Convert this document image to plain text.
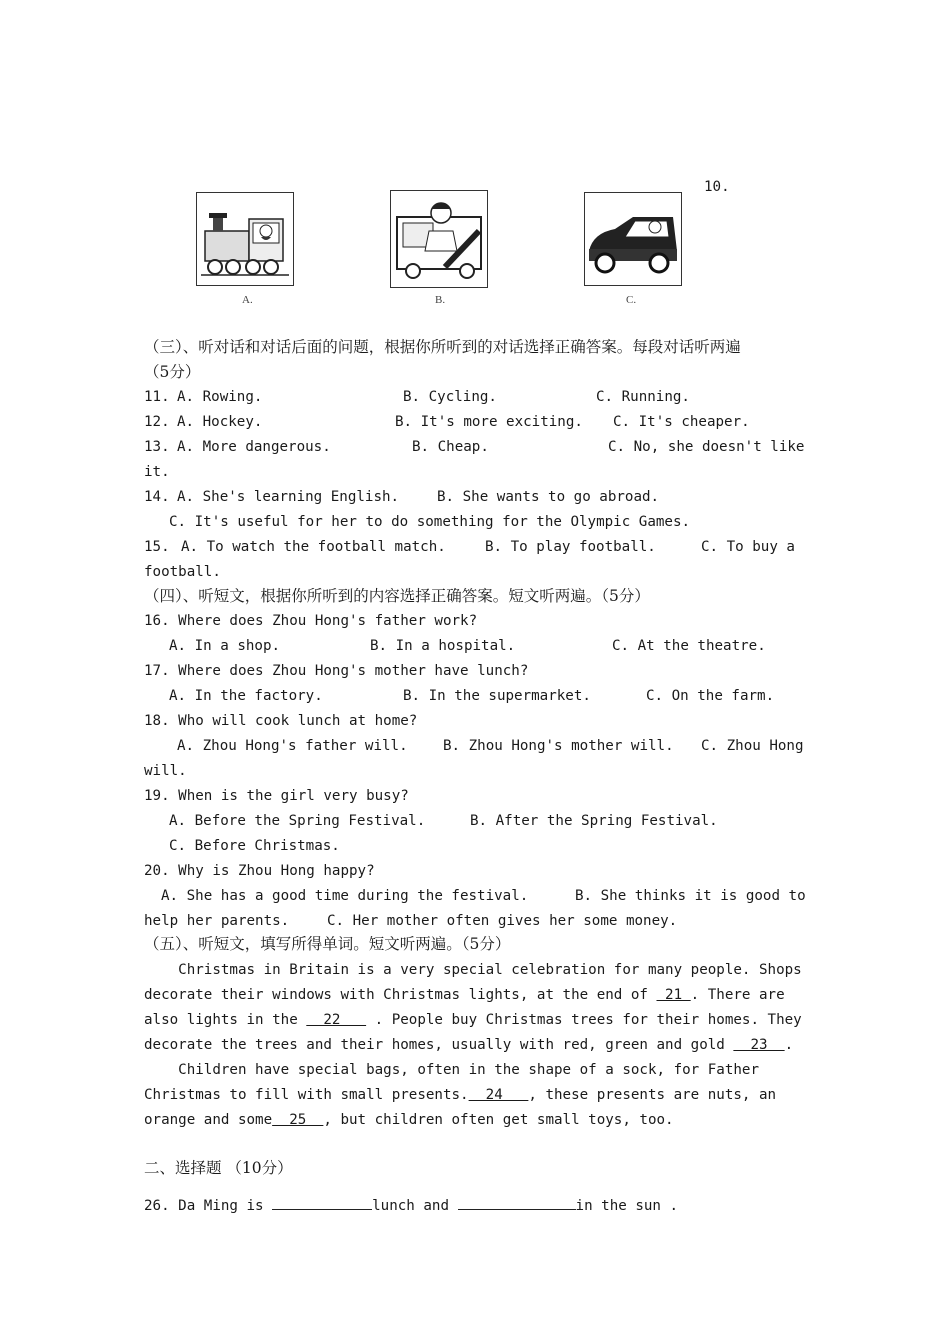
10.
A.	B.	C.
（三）、听对话和对话后面的问题，根据你所听到的对话选择正确答案。每段对话听两遍
（5分）
11. A. Rowing.	B. Cycling.	C. Running.
12. A. Hockey.	B. It's more exciting. C. It's cheaper.
13. A. More dangerous.	B. Cheap.	C. No, she doesn't like
it.
14. A. She's learning English.	B. She wants to go abroad.
C. It's useful for her to do something for the Olympic Games.
15. A. To watch the football match.	B. To play football.	C. To buy a
football.
（四）、听短文，根据你所听到的内容选择正确答案。短文听两遍。（5分）
16. Where does Zhou Hong's father work?
A. In a shop.	B. In a hospital.	C. At the theatre.
17. Where does Zhou Hong's mother have lunch?
A. In the factory.	B. In the supermarket.	C. On the farm.
18. Who will cook lunch at home?
A. Zhou Hong's father will. B. Zhou Hong's mother will. C. Zhou Hong
will.
19. When is the girl very busy?
A. Before the Spring Festival.	B. After the Spring Festival.
C. Before Christmas.
20. Why is Zhou Hong happy?
A. She has a good time during the festival.	B. She thinks it is good to
help her parents.	C. Her mother often gives her some money.
（五）、听短文，填写所得单词。短文听两遍。（5分）
Christmas in Britain is a very special celebration for many people. Shops
decorate their windows with Christmas lights, at the end of  21 . There are
also lights in the   22    . People buy Christmas trees for their homes. They
decorate the trees and their homes, usually with red, green and gold   23  .
Children have special bags, often in the shape of a sock, for Father
Christmas to fill with small presents.  24   , these presents are nuts, an
orange and some  25  , but children often get small toys, too.
二、选择题 （10分）
26. Da Ming is	lunch and	in the sun .
